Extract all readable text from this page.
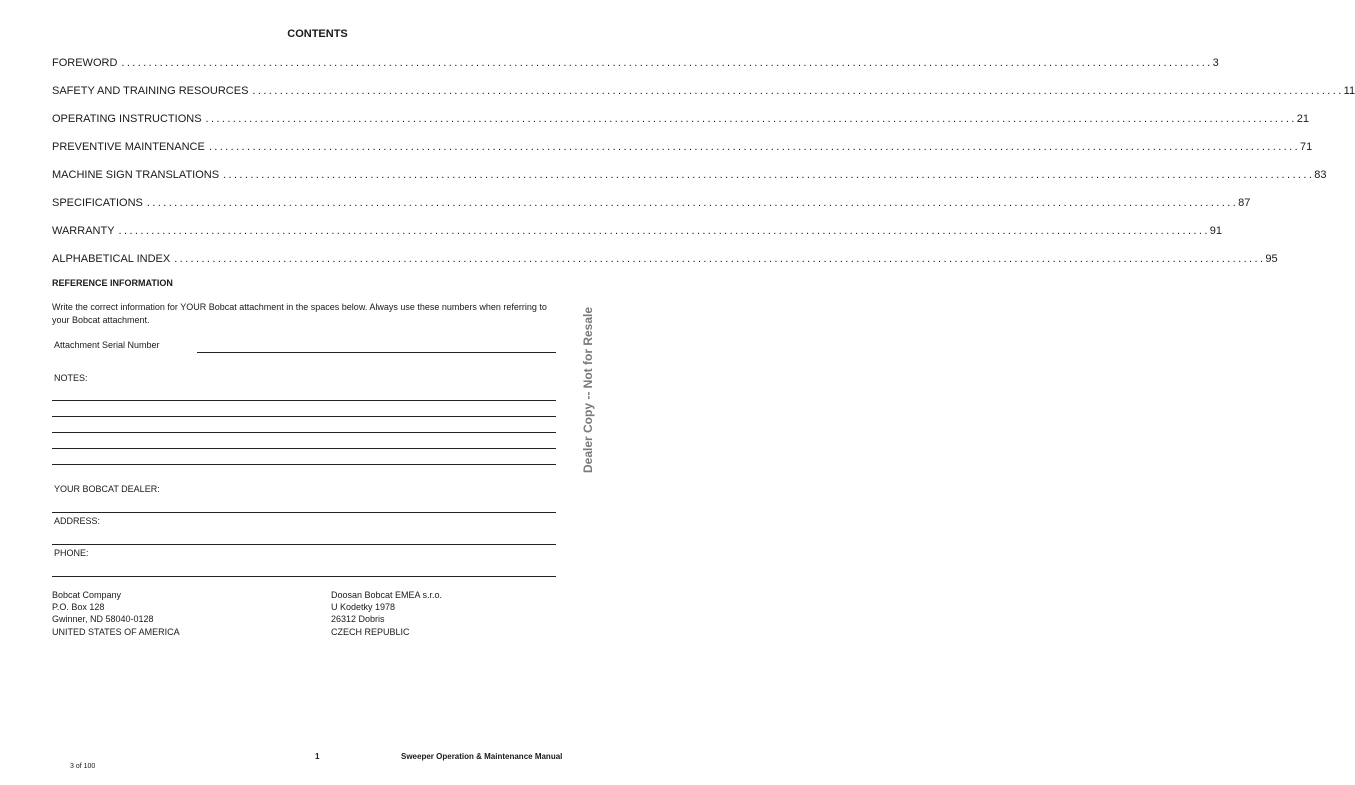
CONTENTS
FOREWORD ........................................................................................................................................................................................................ 3
SAFETY AND TRAINING RESOURCES ........................................................................................................................................................................................................ 11
OPERATING INSTRUCTIONS ........................................................................................................................................................................................................ 21
PREVENTIVE MAINTENANCE ........................................................................................................................................................................................................ 71
MACHINE SIGN TRANSLATIONS ........................................................................................................................................................................................................ 83
SPECIFICATIONS ........................................................................................................................................................................................................ 87
WARRANTY ........................................................................................................................................................................................................ 91
ALPHABETICAL INDEX ........................................................................................................................................................................................................ 95
REFERENCE INFORMATION
Write the correct information for YOUR Bobcat attachment in the spaces below. Always use these numbers when referring to your Bobcat attachment.
Attachment Serial Number
NOTES:
YOUR BOBCAT DEALER:
ADDRESS:
PHONE:
Bobcat Company
P.O. Box 128
Gwinner, ND 58040-0128
UNITED STATES OF AMERICA
Doosan Bobcat EMEA s.r.o.
U Kodetky 1978
26312 Dobris
CZECH REPUBLIC
Dealer Copy -- Not for Resale
1	Sweeper Operation & Maintenance Manual
3 of 100
